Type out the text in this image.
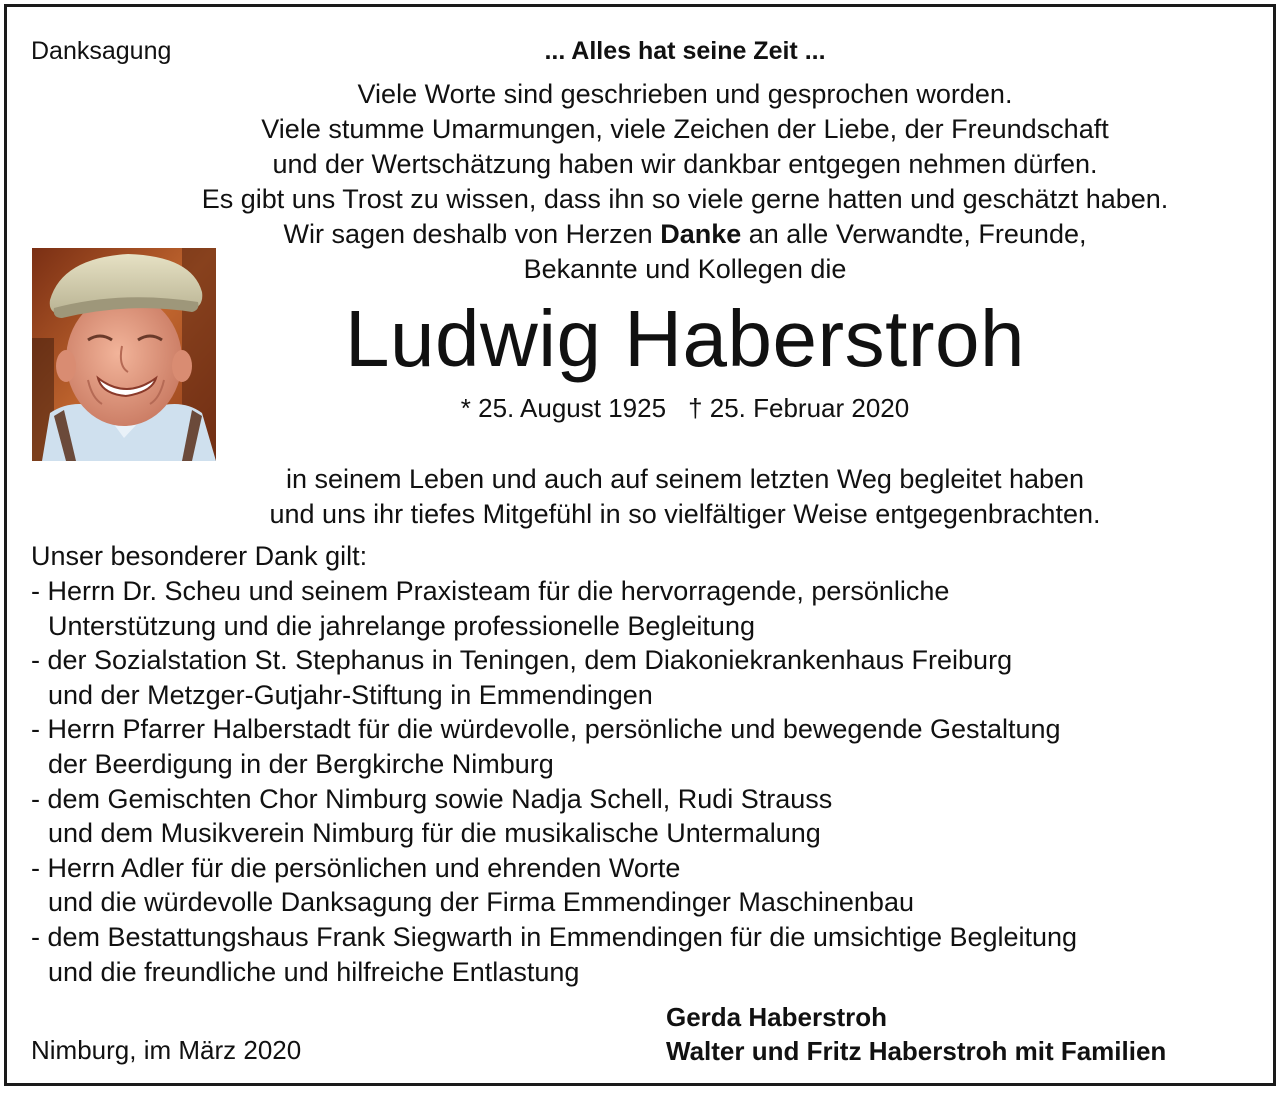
Danksagung	... Alles hat seine Zeit ...
Viele Worte sind geschrieben und gesprochen worden.
Viele stumme Umarmungen, viele Zeichen der Liebe, der Freundschaft
und der Wertschätzung haben wir dankbar entgegen nehmen dürfen.
Es gibt uns Trost zu wissen, dass ihn so viele gerne hatten und geschätzt haben.
Wir sagen deshalb von Herzen Danke an alle Verwandte, Freunde,
Bekannte und Kollegen die
Ludwig Haberstroh
* 25. August 1925 † 25. Februar 2020
in seinem Leben und auch auf seinem letzten Weg begleitet haben
und uns ihr tiefes Mitgefühl in so vielfältiger Weise entgegenbrachten.
Unser besonderer Dank gilt:
- Herrn Dr. Scheu und seinem Praxisteam für die hervorragende, persönliche
Unterstützung und die jahrelange professionelle Begleitung
- der Sozialstation St. Stephanus in Teningen, dem Diakoniekrankenhaus Freiburg
und der Metzger-Gutjahr-Stiftung in Emmendingen
- Herrn Pfarrer Halberstadt für die würdevolle, persönliche und bewegende Gestaltung
der Beerdigung in der Bergkirche Nimburg
- dem Gemischten Chor Nimburg sowie Nadja Schell, Rudi Strauss
und dem Musikverein Nimburg für die musikalische Untermalung
- Herrn Adler für die persönlichen und ehrenden Worte
und die würdevolle Danksagung der Firma Emmendinger Maschinenbau
- dem Bestattungshaus Frank Siegwarth in Emmendingen für die umsichtige Begleitung
und die freundliche und hilfreiche Entlastung
Nimburg, im März 2020
Gerda Haberstroh
Walter und Fritz Haberstroh mit Familien
